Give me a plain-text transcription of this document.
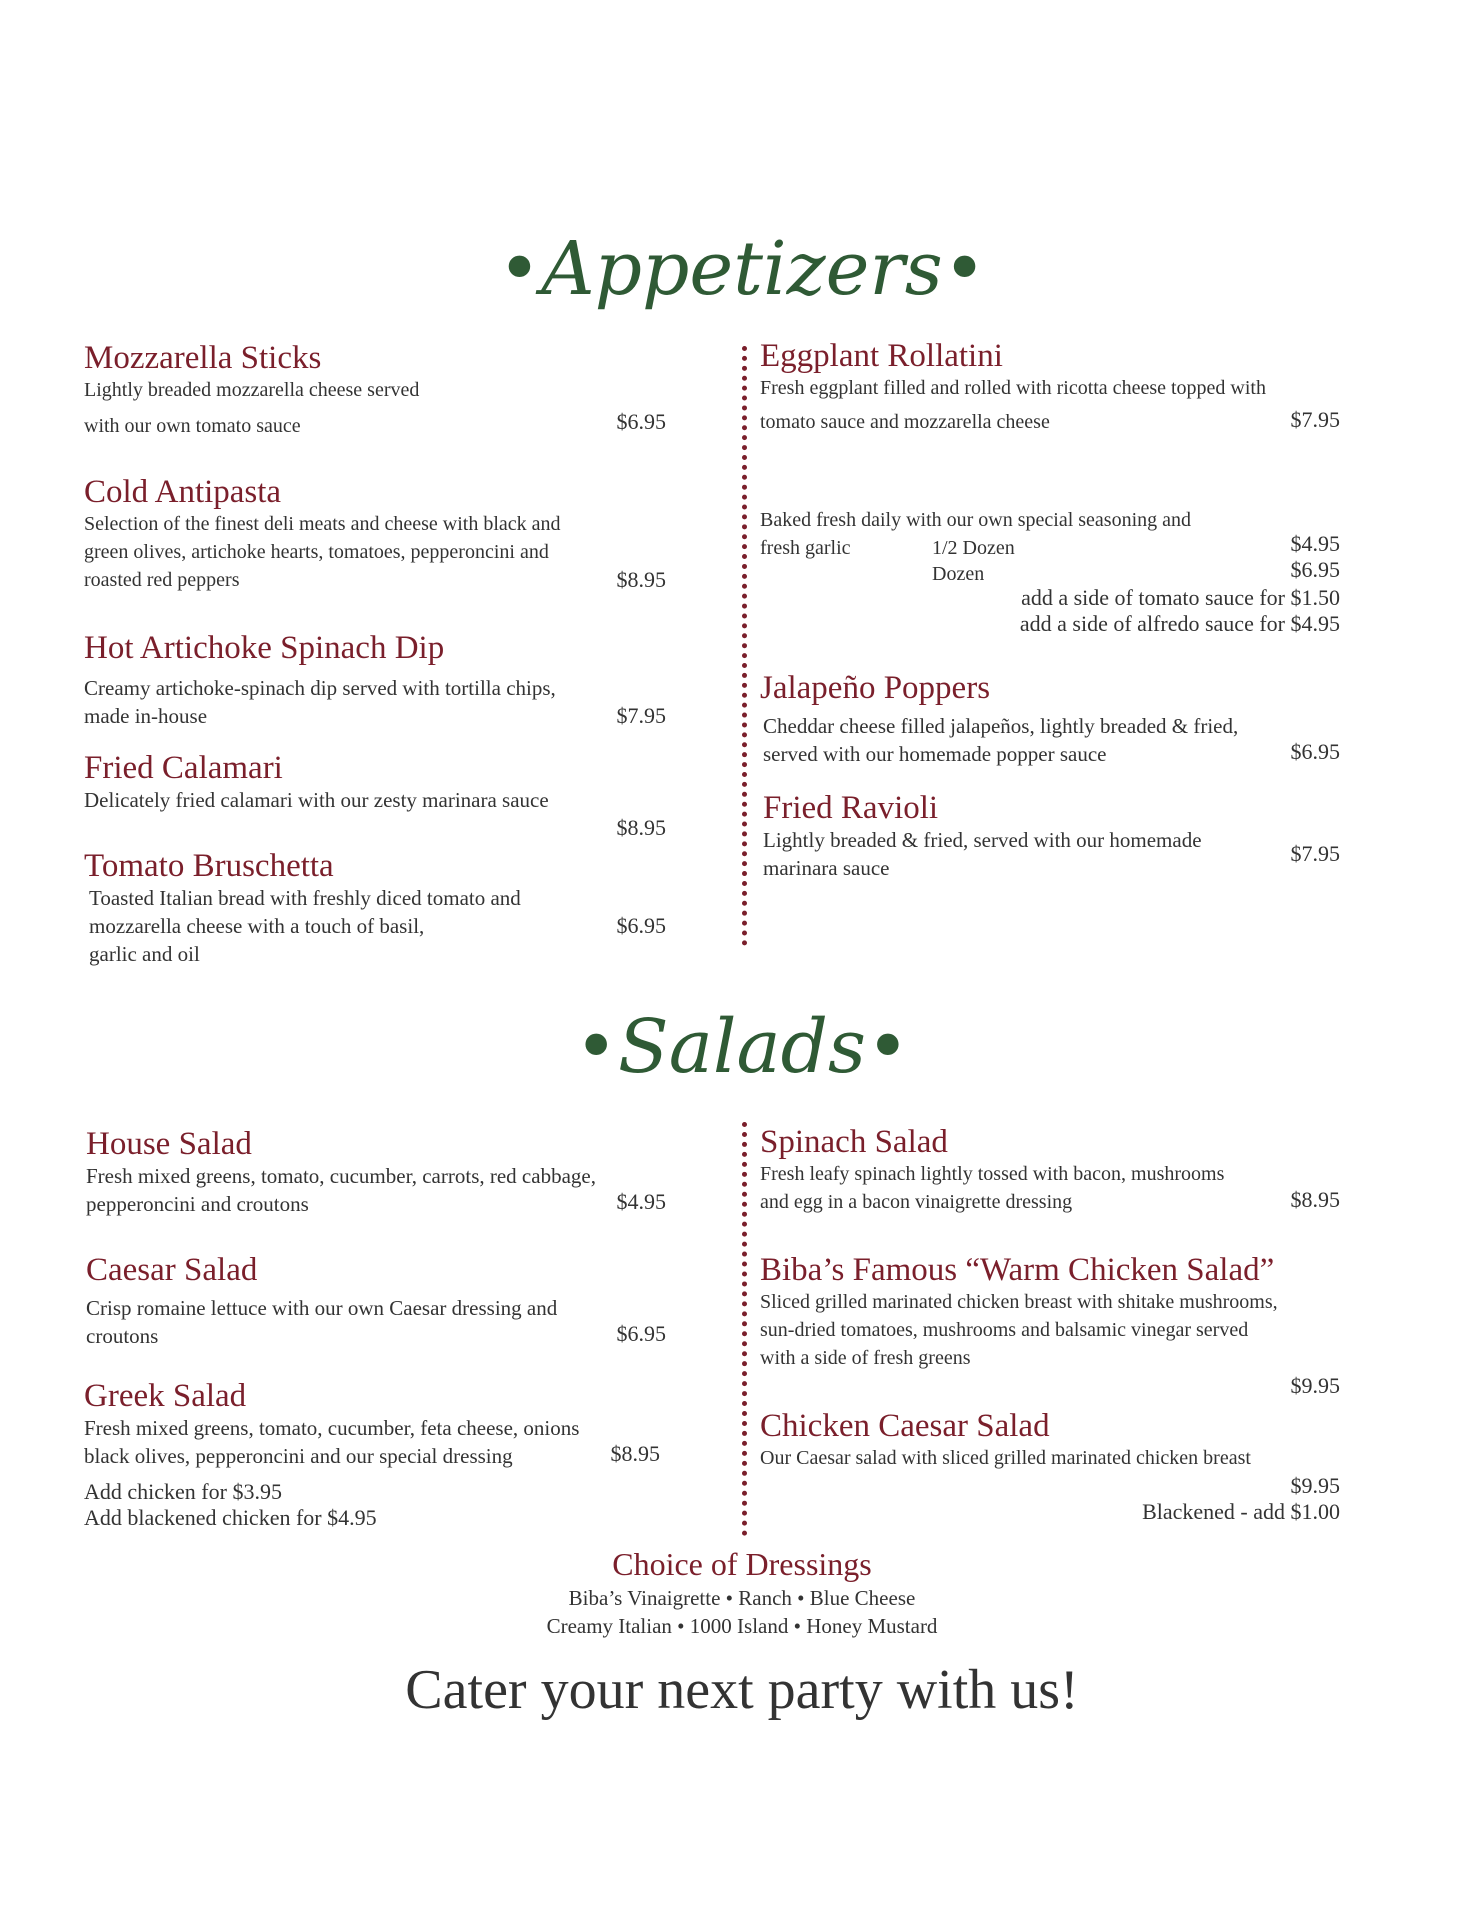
•Appetizers•
Mozzarella Sticks
Lightly breaded mozzarella cheese served
with our own tomato sauce	$6.95
Cold Antipasta
Selection of the finest deli meats and cheese with black and
green olives, artichoke hearts, tomatoes, pepperoncini and
roasted red peppers	$8.95
Hot Artichoke Spinach Dip
Creamy artichoke-spinach dip served with tortilla chips,
made in-house	$7.95
Fried Calamari
Delicately fried calamari with our zesty marinara sauce
$8.95
Tomato Bruschetta
Toasted Italian bread with freshly diced tomato and
mozzarella cheese with a touch of basil,
garlic and oil
$6.95
Eggplant Rollatini
Fresh eggplant filled and rolled with ricotta cheese topped with
tomato sauce and mozzarella cheese	$7.95
Baked fresh daily with our own special seasoning and
fresh garlic	1/2 Dozen	$4.95
Dozen	$6.95
add a side of tomato sauce for $1.50
add a side of alfredo sauce for $4.95
Jalapeño Poppers
Cheddar cheese filled jalapeños, lightly breaded & fried,
served with our homemade popper sauce	$6.95
Fried Ravioli
Lightly breaded & fried, served with our homemade
marinara sauce
$7.95
•Salads•
House Salad
Fresh mixed greens, tomato, cucumber, carrots, red cabbage,
pepperoncini and croutons	$4.95
Caesar Salad
Crisp romaine lettuce with our own Caesar dressing and
croutons	$6.95
Greek Salad
Fresh mixed greens, tomato, cucumber, feta cheese, onions
black olives, pepperoncini and our special dressing	$8.95
Add chicken for $3.95
Add blackened chicken for $4.95
Spinach Salad
Fresh leafy spinach lightly tossed with bacon, mushrooms
and egg in a bacon vinaigrette dressing	$8.95
Biba’s Famous “Warm Chicken Salad”
Sliced grilled marinated chicken breast with shitake mushrooms,
sun-dried tomatoes, mushrooms and balsamic vinegar served
with a side of fresh greens
$9.95
Chicken Caesar Salad
Our Caesar salad with sliced grilled marinated chicken breast
$9.95
Blackened - add $1.00
Choice of Dressings
Biba’s Vinaigrette • Ranch • Blue Cheese
Creamy Italian • 1000 Island • Honey Mustard
Cater your next party with us!
